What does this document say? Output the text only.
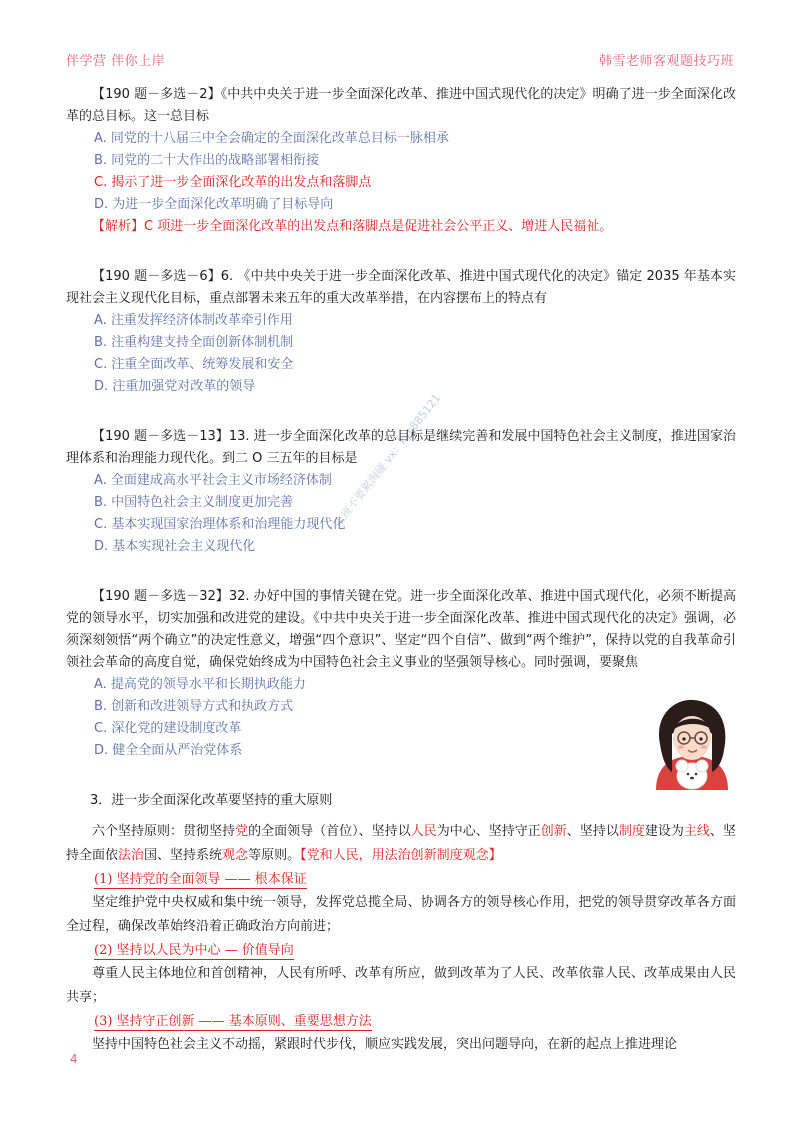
伴学营 伴你上岸	韩雪老师客观题技巧班
上班不要累淘碰 vx：kys885121

【190 题－多选－2】《中共中央关于进一步全面深化改革、推进中国式现代化的决定》明确了进一步全面深化改革的总目标。这一总目标

A. 同党的十八届三中全会确定的全面深化改革总目标一脉相承

B. 同党的二十大作出的战略部署相衔接

C. 揭示了进一步全面深化改革的出发点和落脚点

D. 为进一步全面深化改革明确了目标导向

【解析】C 项进一步全面深化改革的出发点和落脚点是促进社会公平正义、增进人民福祉。

【190 题－多选－6】6. 《中共中央关于进一步全面深化改革、推进中国式现代化的决定》锚定 2035 年基本实现社会主义现代化目标，重点部署未来五年的重大改革举措，在内容摆布上的特点有

A. 注重发挥经济体制改革牵引作用

B. 注重构建支持全面创新体制机制

C. 注重全面改革、统筹发展和安全

D. 注重加强党对改革的领导

【190 题－多选－13】13. 进一步全面深化改革的总目标是继续完善和发展中国特色社会主义制度，推进国家治理体系和治理能力现代化。到二 O 三五年的目标是

A. 全面建成高水平社会主义市场经济体制

B. 中国特色社会主义制度更加完善

C. 基本实现国家治理体系和治理能力现代化

D. 基本实现社会主义现代化

【190 题－多选－32】32. 办好中国的事情关键在党。进一步全面深化改革、推进中国式现代化，必须不断提高党的领导水平，切实加强和改进党的建设。《中共中央关于进一步全面深化改革、推进中国式现代化的决定》强调，必须深刻领悟“两个确立”的决定性意义，增强“四个意识”、坚定“四个自信”、做到“两个维护”，保持以党的自我革命引领社会革命的高度自觉，确保党始终成为中国特色社会主义事业的坚强领导核心。同时强调，要聚焦

A. 提高党的领导水平和长期执政能力

B. 创新和改进领导方式和执政方式

C. 深化党的建设制度改革

D. 健全全面从严治党体系

3．进一步全面深化改革要坚持的重大原则

六个坚持原则：贯彻坚持党的全面领导（首位）、坚持以人民为中心、坚持守正创新、坚持以制度建设为主线、坚持全面依法治国、坚持系统观念等原则。【党和人民，用法治创新制度观念】

(1) 坚持党的全面领导 —— 根本保证

坚定维护党中央权威和集中统一领导，发挥党总揽全局、协调各方的领导核心作用，把党的领导贯穿改革各方面全过程，确保改革始终沿着正确政治方向前进；

(2) 坚持以人民为中心 — 价值导向

尊重人民主体地位和首创精神，人民有所呼、改革有所应，做到改革为了人民、改革依靠人民、改革成果由人民共享；

(3) 坚持守正创新 —— 基本原则、重要思想方法

坚持中国特色社会主义不动摇，紧跟时代步伐，顺应实践发展，突出问题导向，在新的起点上推进理论

4
